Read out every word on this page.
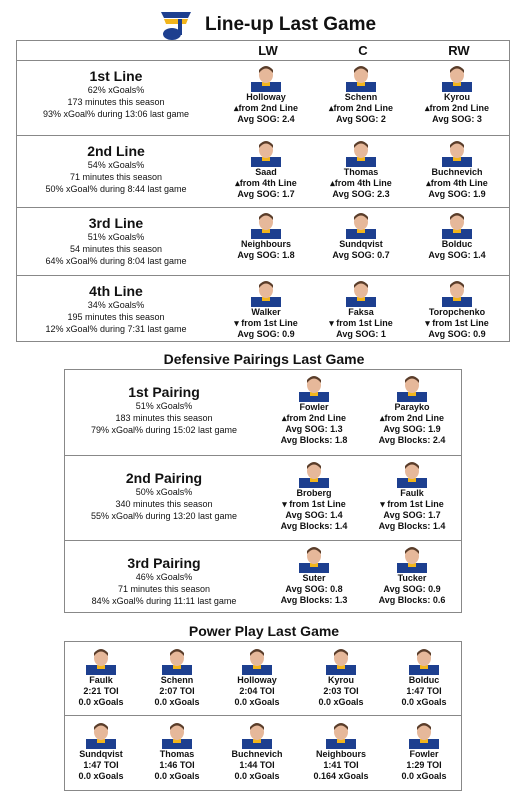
Line-up Last Game
LW	C	RW
1st Line
62% xGoals%
173 minutes this season
93% xGoal% during 13:06 last game
Holloway
▴from 2nd Line
Avg SOG: 2.4
Schenn
▴from 2nd Line
Avg SOG: 2
Kyrou
▴from 2nd Line
Avg SOG: 3
2nd Line
54% xGoals%
71 minutes this season
50% xGoal% during 8:44 last game
Saad
▴from 4th Line
Avg SOG: 1.7
Thomas
▴from 4th Line
Avg SOG: 2.3
Buchnevich
▴from 4th Line
Avg SOG: 1.9
3rd Line
51% xGoals%
54 minutes this season
64% xGoal% during 8:04 last game
Neighbours
Avg SOG: 1.8
Sundqvist
Avg SOG: 0.7
Bolduc
Avg SOG: 1.4
4th Line
34% xGoals%
195 minutes this season
12% xGoal% during 7:31 last game
Walker
▾ from 1st Line
Avg SOG: 0.9
Faksa
▾ from 1st Line
Avg SOG: 1
Toropchenko
▾ from 1st Line
Avg SOG: 0.9
Defensive Pairings Last Game
1st Pairing
51% xGoals%
183 minutes this season
79% xGoal% during 15:02 last game
Fowler
▴from 2nd Line
Avg SOG: 1.3
Avg Blocks: 1.8
Parayko
▴from 2nd Line
Avg SOG: 1.9
Avg Blocks: 2.4
2nd Pairing
50% xGoals%
340 minutes this season
55% xGoal% during 13:20 last game
Broberg
▾ from 1st Line
Avg SOG: 1.4
Avg Blocks: 1.4
Faulk
▾ from 1st Line
Avg SOG: 1.7
Avg Blocks: 1.4
3rd Pairing
46% xGoals%
71 minutes this season
84% xGoal% during 11:11 last game
Suter
Avg SOG: 0.8
Avg Blocks: 1.3
Tucker
Avg SOG: 0.9
Avg Blocks: 0.6
Power Play Last Game
Faulk
2:21 TOI
0.0 xGoals
Schenn
2:07 TOI
0.0 xGoals
Holloway
2:04 TOI
0.0 xGoals
Kyrou
2:03 TOI
0.0 xGoals
Bolduc
1:47 TOI
0.0 xGoals
Sundqvist
1:47 TOI
0.0 xGoals
Thomas
1:46 TOI
0.0 xGoals
Buchnevich
1:44 TOI
0.0 xGoals
Neighbours
1:41 TOI
0.164 xGoals
Fowler
1:29 TOI
0.0 xGoals
